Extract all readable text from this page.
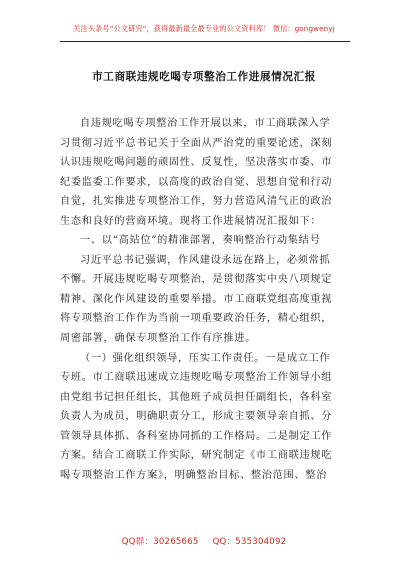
关注头条号“公文研究”，获得最新最全最专业的公文资料库！ 微信：gongwenyj
市工商联违规吃喝专项整治工作进展情况汇报
自违规吃喝专项整治工作开展以来，市工商联深入学
习贯彻习近平总书记关于全面从严治党的重要论述，深刻
认识违规吃喝问题的顽固性、反复性，坚决落实市委、市
纪委监委工作要求，以高度的政治自觉、思想自觉和行动
自觉，扎实推进专项整治工作，努力营造风清气正的政治
生态和良好的营商环境。现将工作进展情况汇报如下：
一、以“高站位”的精准部署，奏响整治行动集结号
习近平总书记强调，作风建设永远在路上，必须常抓
不懈。开展违规吃喝专项整治，是贯彻落实中央八项规定
精神、深化作风建设的重要举措。市工商联党组高度重视
将专项整治工作作为当前一项重要政治任务，精心组织，
周密部署，确保专项整治工作有序推进。
（一）强化组织领导，压实工作责任。一是成立工作
专班。市工商联迅速成立违规吃喝专项整治工作领导小组
由党组书记担任组长，其他班子成员担任副组长，各科室
负责人为成员，明确职责分工，形成主要领导亲自抓、分
管领导具体抓、各科室协同抓的工作格局。二是制定工作
方案。结合工商联工作实际，研究制定《市工商联违规吃
喝专项整治工作方案》，明确整治目标、整治范围、整治
QQ群：30265665 QQ：535304092
